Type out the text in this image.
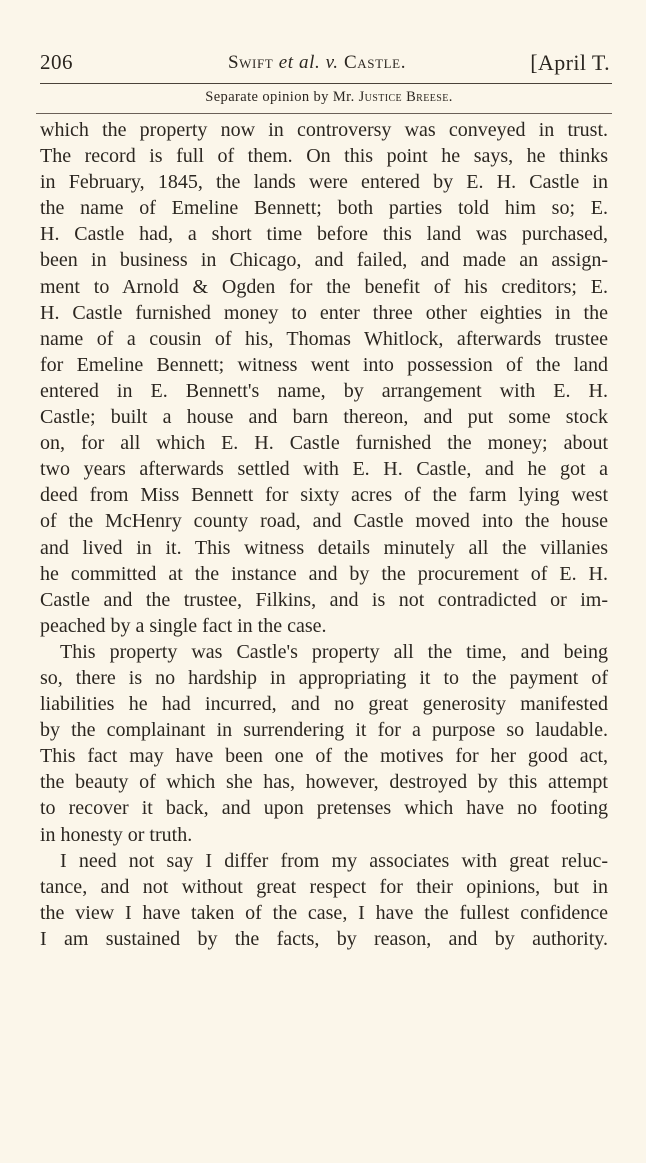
206	Swift et al. v. Castle.	[April T.
Separate opinion by Mr. Justice Breese.
which the property now in controversy was conveyed in trust.
The record is full of them. On this point he says, he thinks
in February, 1845, the lands were entered by E. H. Castle in
the name of Emeline Bennett; both parties told him so; E.
H. Castle had, a short time before this land was purchased,
been in business in Chicago, and failed, and made an assign-
ment to Arnold & Ogden for the benefit of his creditors; E.
H. Castle furnished money to enter three other eighties in the
name of a cousin of his, Thomas Whitlock, afterwards trustee
for Emeline Bennett; witness went into possession of the land
entered in E. Bennett's name, by arrangement with E. H.
Castle; built a house and barn thereon, and put some stock
on, for all which E. H. Castle furnished the money; about
two years afterwards settled with E. H. Castle, and he got a
deed from Miss Bennett for sixty acres of the farm lying west
of the McHenry county road, and Castle moved into the house
and lived in it. This witness details minutely all the villanies
he committed at the instance and by the procurement of E. H.
Castle and the trustee, Filkins, and is not contradicted or im-
peached by a single fact in the case.
This property was Castle's property all the time, and being
so, there is no hardship in appropriating it to the payment of
liabilities he had incurred, and no great generosity manifested
by the complainant in surrendering it for a purpose so laudable.
This fact may have been one of the motives for her good act,
the beauty of which she has, however, destroyed by this attempt
to recover it back, and upon pretenses which have no footing
in honesty or truth.
I need not say I differ from my associates with great reluc-
tance, and not without great respect for their opinions, but in
the view I have taken of the case, I have the fullest confidence
I am sustained by the facts, by reason, and by authority.
